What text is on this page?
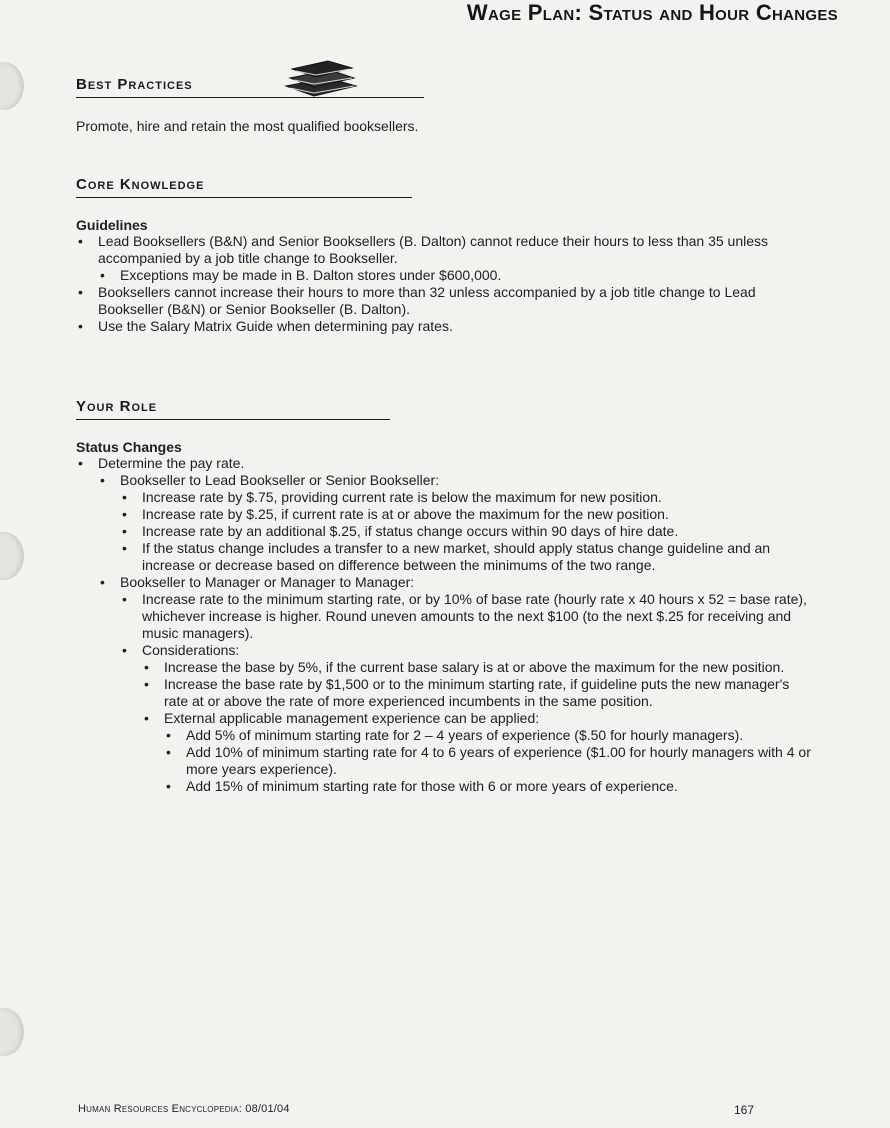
Wage Plan: Status and Hour Changes
Best Practices

Promote, hire and retain the most qualified booksellers.

Core Knowledge

Guidelines

• Lead Booksellers (B&N) and Senior Booksellers (B. Dalton) cannot reduce their hours to less than 35 unless accompanied by a job title change to Bookseller.
• Exceptions may be made in B. Dalton stores under $600,000.
• Booksellers cannot increase their hours to more than 32 unless accompanied by a job title change to Lead Bookseller (B&N) or Senior Bookseller (B. Dalton).
• Use the Salary Matrix Guide when determining pay rates.
Your Role

Status Changes

• Determine the pay rate.
• Bookseller to Lead Bookseller or Senior Bookseller:
• Increase rate by $.75, providing current rate is below the maximum for new position.
• Increase rate by $.25, if current rate is at or above the maximum for the new position.
• Increase rate by an additional $.25, if status change occurs within 90 days of hire date.
• If the status change includes a transfer to a new market, should apply status change guideline and an increase or decrease based on difference between the minimums of the two range.
• Bookseller to Manager or Manager to Manager:
• Increase rate to the minimum starting rate, or by 10% of base rate (hourly rate x 40 hours x 52 = base rate), whichever increase is higher. Round uneven amounts to the next $100 (to the next $.25 for receiving and music managers).
• Considerations:
• Increase the base by 5%, if the current base salary is at or above the maximum for the new position.
• Increase the base rate by $1,500 or to the minimum starting rate, if guideline puts the new manager's rate at or above the rate of more experienced incumbents in the same position.
• External applicable management experience can be applied:
• Add 5% of minimum starting rate for 2 – 4 years of experience ($.50 for hourly managers).
• Add 10% of minimum starting rate for 4 to 6 years of experience ($1.00 for hourly managers with 4 or more years experience).
• Add 15% of minimum starting rate for those with 6 or more years of experience.
Human Resources Encyclopedia: 08/01/04	167
